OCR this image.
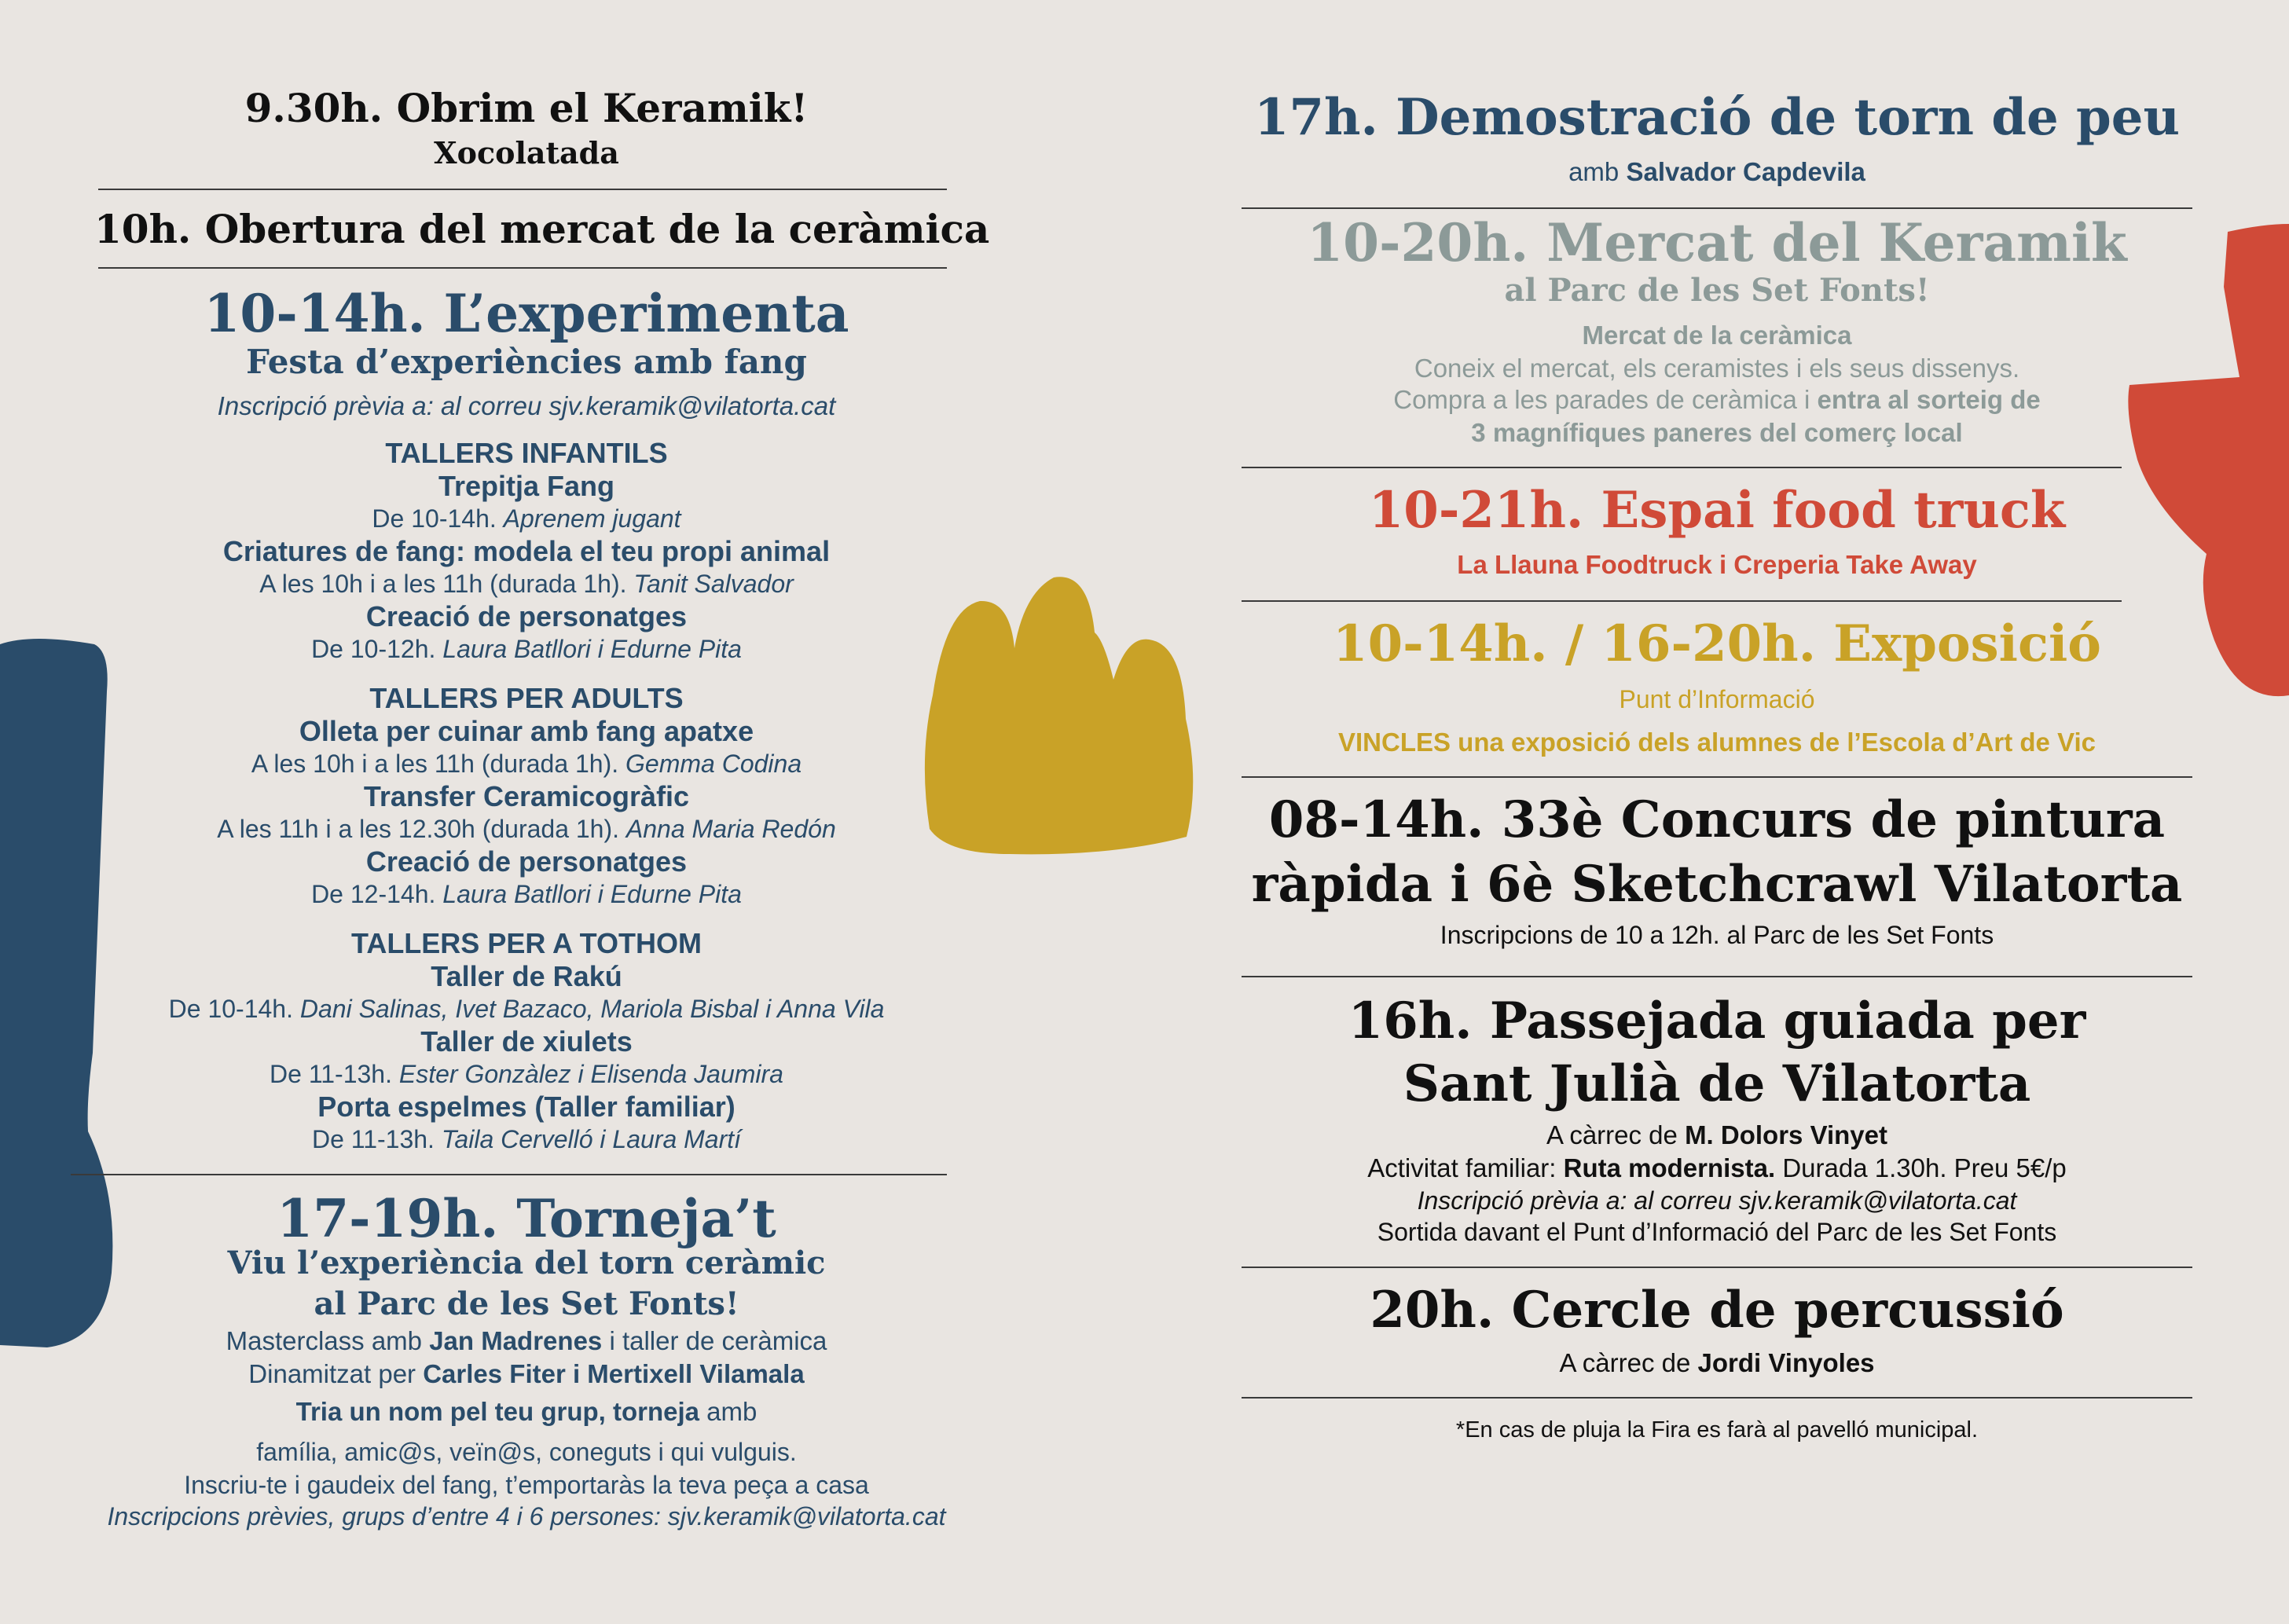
9.30h. Obrim el Keramik!
Xocolatada
10h. Obertura del mercat de la ceràmica
10-14h. L’experimenta
Festa d’experiències amb fang
Inscripció prèvia a: al correu sjv.keramik@vilatorta.cat
TALLERS INFANTILS
Trepitja Fang
De 10-14h. Aprenem jugant
Criatures de fang: modela el teu propi animal
A les 10h i a les 11h (durada 1h). Tanit Salvador
Creació de personatges
De 10-12h. Laura Batllori i Edurne Pita
TALLERS PER ADULTS
Olleta per cuinar amb fang apatxe
A les 10h i a les 11h (durada 1h). Gemma Codina
Transfer Ceramicogràfic
A les 11h i a les 12.30h (durada 1h). Anna Maria Redón
Creació de personatges
De 12-14h. Laura Batllori i Edurne Pita
TALLERS PER A TOTHOM
Taller de Rakú
De 10-14h. Dani Salinas, Ivet Bazaco, Mariola Bisbal i Anna Vila
Taller de xiulets
De 11-13h. Ester Gonzàlez i Elisenda Jaumira
Porta espelmes (Taller familiar)
De 11-13h. Taila Cervelló i Laura Martí
17-19h. Torneja’t
Viu l’experiència del torn ceràmic
al Parc de les Set Fonts!
Masterclass amb Jan Madrenes i taller de ceràmica
Dinamitzat per Carles Fiter i Mertixell Vilamala
Tria un nom pel teu grup, torneja amb
família, amic@s, veïn@s, coneguts i qui vulguis.
Inscriu-te i gaudeix del fang, t’emportaràs la teva peça a casa
Inscripcions prèvies, grups d’entre 4 i 6 persones: sjv.keramik@vilatorta.cat
17h. Demostració de torn de peu
amb Salvador Capdevila
10-20h. Mercat del Keramik
al Parc de les Set Fonts!
Mercat de la ceràmica
Coneix el mercat, els ceramistes i els seus dissenys.
Compra a les parades de ceràmica i entra al sorteig de
3 magnífiques paneres del comerç local
10-21h. Espai food truck
La Llauna Foodtruck i Creperia Take Away
10-14h. / 16-20h. Exposició
Punt d’Informació
VINCLES una exposició dels alumnes de l’Escola d’Art de Vic
08-14h. 33è Concurs de pintura
ràpida i 6è Sketchcrawl Vilatorta
Inscripcions de 10 a 12h. al Parc de les Set Fonts
16h. Passejada guiada per
Sant Julià de Vilatorta
A càrrec de M. Dolors Vinyet
Activitat familiar: Ruta modernista. Durada 1.30h. Preu 5€/p
Inscripció prèvia a: al correu sjv.keramik@vilatorta.cat
Sortida davant el Punt d’Informació del Parc de les Set Fonts
20h. Cercle de percussió
A càrrec de Jordi Vinyoles
*En cas de pluja la Fira es farà al pavelló municipal.
